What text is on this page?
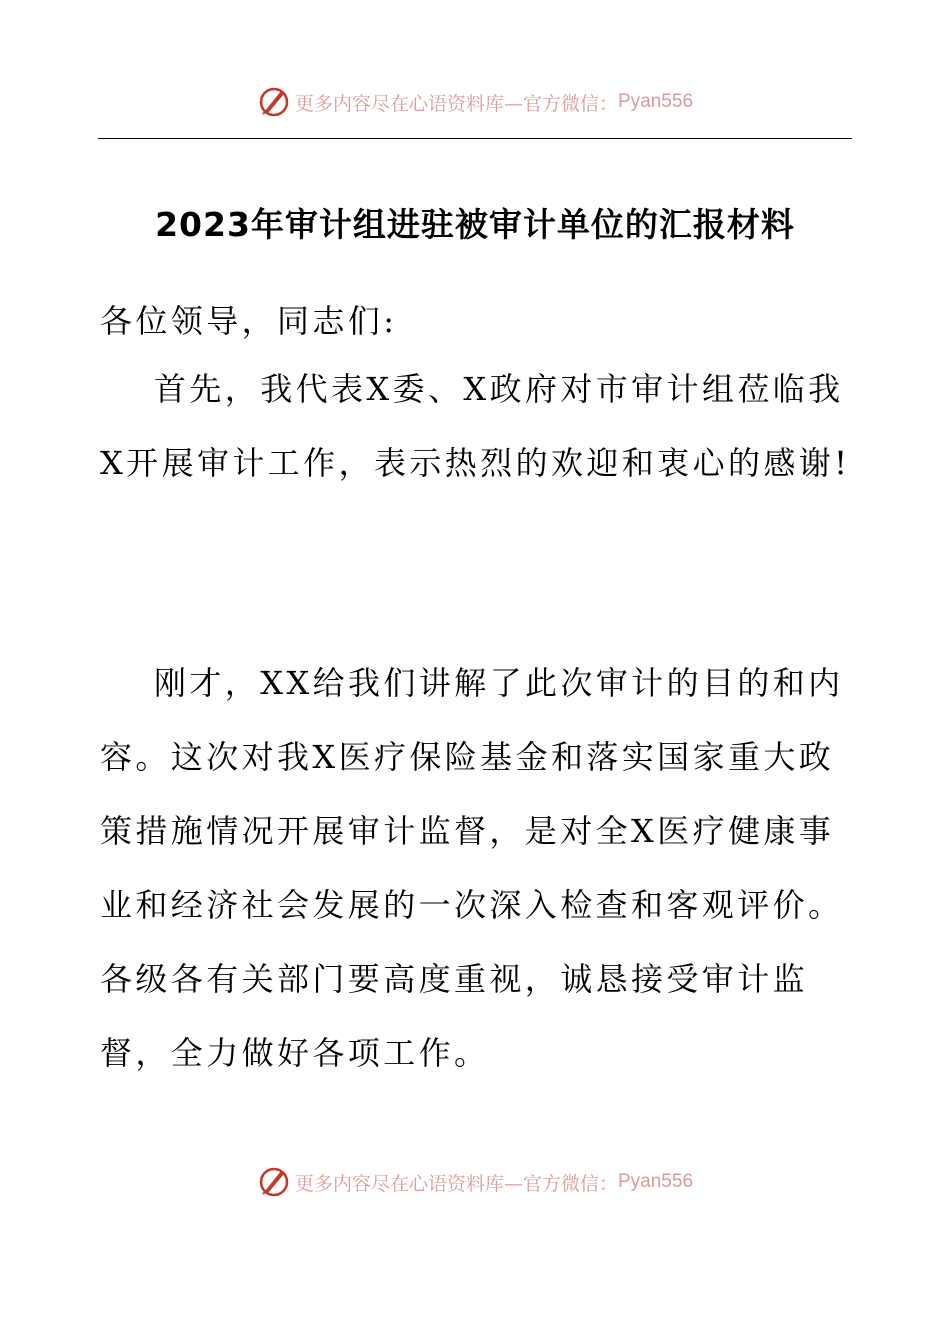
更多内容尽在心语资料库—官方微信： Pyan556
2023年审计组进驻被审计单位的汇报材料
各位领导，同志们:

首先，我代表X委、X政府对市审计组莅临我X开展审计工作，表示热烈的欢迎和衷心的感谢!

刚才，XX给我们讲解了此次审计的目的和内容。这次对我X医疗保险基金和落实国家重大政策措施情况开展审计监督，是对全X医疗健康事业和经济社会发展的一次深入检查和客观评价。各级各有关部门要高度重视，诚恳接受审计监督，全力做好各项工作。

更多内容尽在心语资料库—官方微信： Pyan556
